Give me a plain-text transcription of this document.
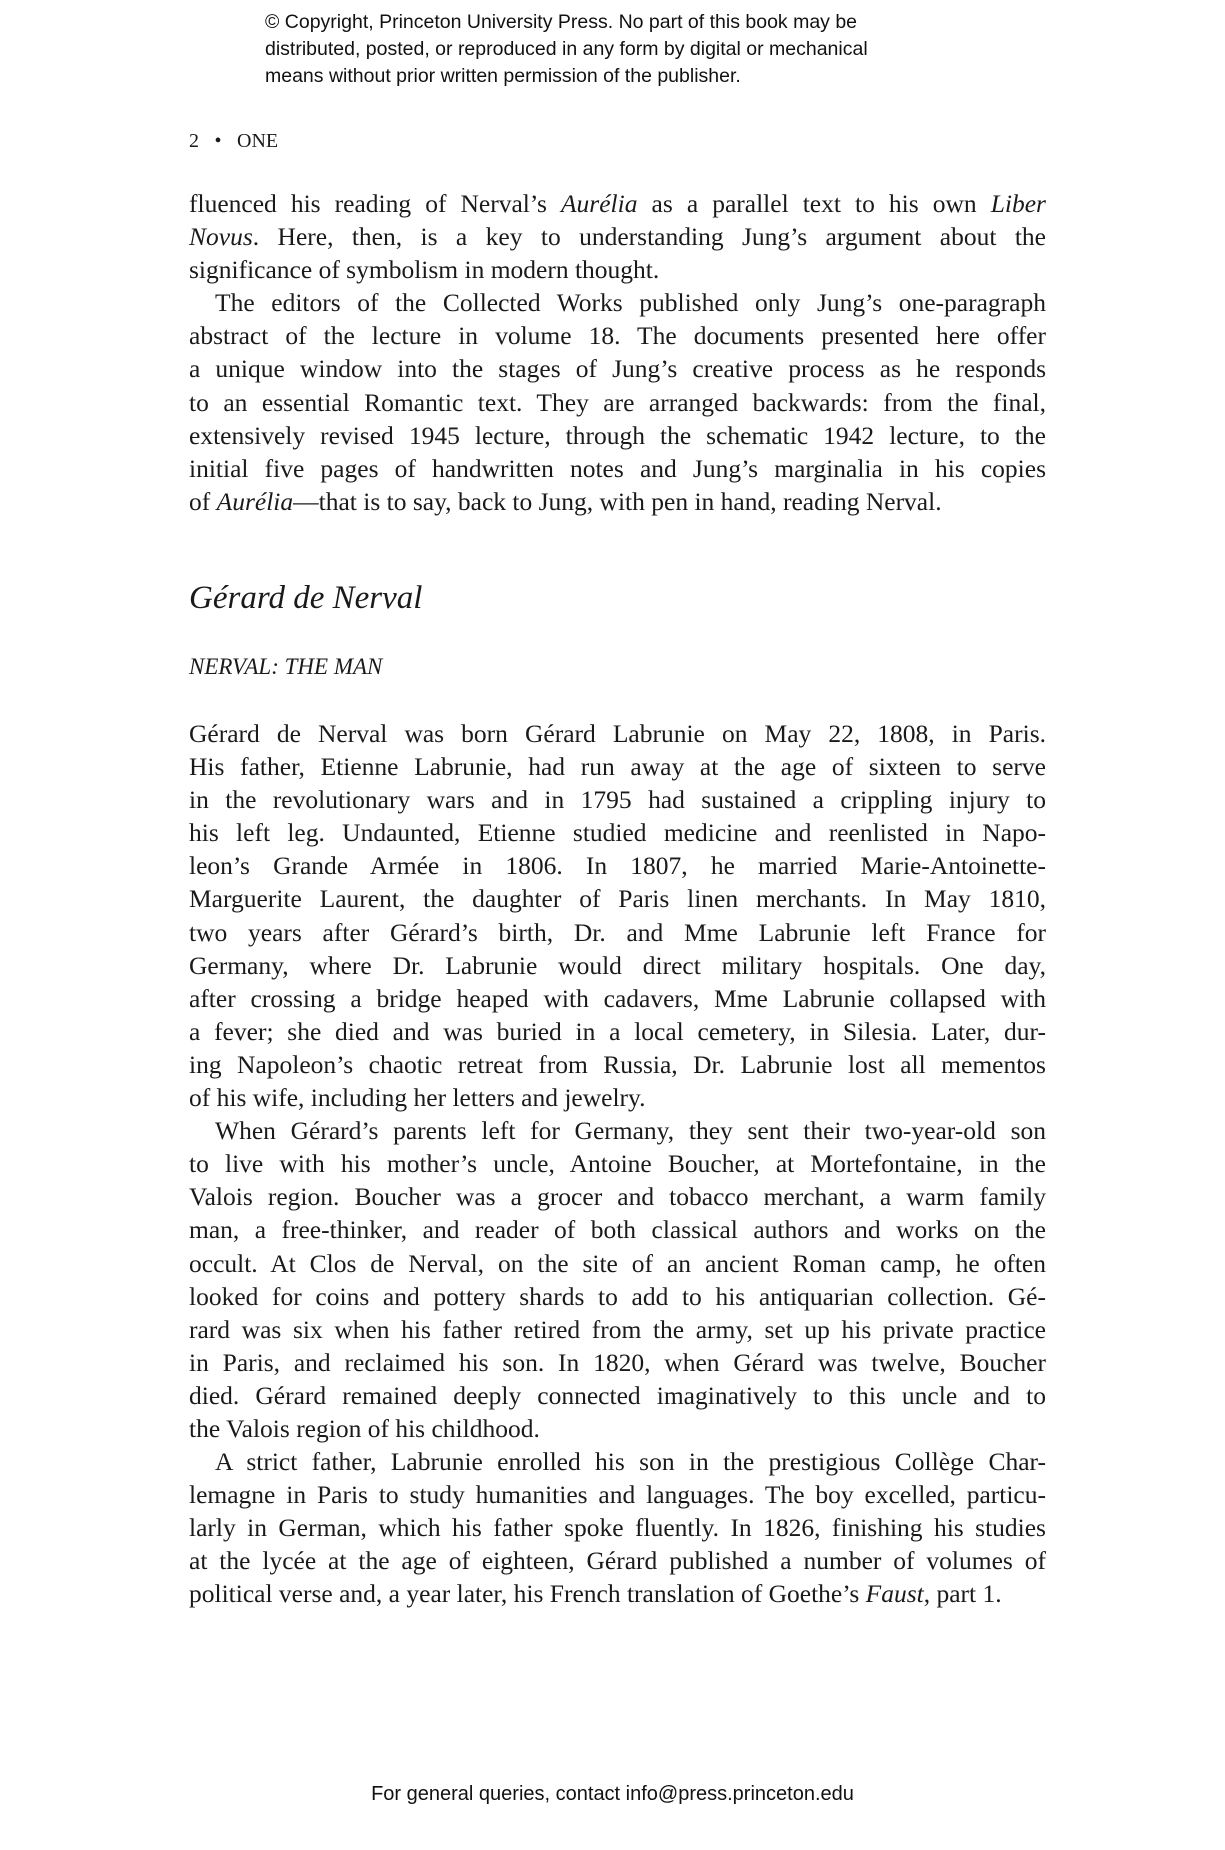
© Copyright, Princeton University Press. No part of this book may be
distributed, posted, or reproduced in any form by digital or mechanical
means without prior written permission of the publisher.
2 • ONE
fluenced his reading of Nerval’s Aurélia as a parallel text to his own Liber
Novus. Here, then, is a key to understanding Jung’s argument about the
significance of symbolism in modern thought.
The editors of the Collected Works published only Jung’s one-paragraph
abstract of the lecture in volume 18. The documents presented here offer
a unique window into the stages of Jung’s creative process as he responds
to an essential Romantic text. They are arranged backwards: from the final,
extensively revised 1945 lecture, through the schematic 1942 lecture, to the
initial five pages of handwritten notes and Jung’s marginalia in his copies
of Aurélia—that is to say, back to Jung, with pen in hand, reading Nerval.
Gérard de Nerval
NERVAL: THE MAN
Gérard de Nerval was born Gérard Labrunie on May 22, 1808, in Paris.
His father, Etienne Labrunie, had run away at the age of sixteen to serve
in the revolutionary wars and in 1795 had sustained a crippling injury to
his left leg. Undaunted, Etienne studied medicine and reenlisted in Napo-
leon’s Grande Armée in 1806. In 1807, he married Marie-Antoinette-
Marguerite Laurent, the daughter of Paris linen merchants. In May 1810,
two years after Gérard’s birth, Dr. and Mme Labrunie left France for
Germany, where Dr. Labrunie would direct military hospitals. One day,
after crossing a bridge heaped with cadavers, Mme Labrunie collapsed with
a fever; she died and was buried in a local cemetery, in Silesia. Later, dur-
ing Napoleon’s chaotic retreat from Russia, Dr. Labrunie lost all mementos
of his wife, including her letters and jewelry.
When Gérard’s parents left for Germany, they sent their two-year-old son
to live with his mother’s uncle, Antoine Boucher, at Mortefontaine, in the
Valois region. Boucher was a grocer and tobacco merchant, a warm family
man, a free-thinker, and reader of both classical authors and works on the
occult. At Clos de Nerval, on the site of an ancient Roman camp, he often
looked for coins and pottery shards to add to his antiquarian collection. Gé-
rard was six when his father retired from the army, set up his private practice
in Paris, and reclaimed his son. In 1820, when Gérard was twelve, Boucher
died. Gérard remained deeply connected imaginatively to this uncle and to
the Valois region of his childhood.
A strict father, Labrunie enrolled his son in the prestigious Collège Char-
lemagne in Paris to study humanities and languages. The boy excelled, particu-
larly in German, which his father spoke fluently. In 1826, finishing his studies
at the lycée at the age of eighteen, Gérard published a number of volumes of
political verse and, a year later, his French translation of Goethe’s Faust, part 1.
For general queries, contact info@press.princeton.edu
